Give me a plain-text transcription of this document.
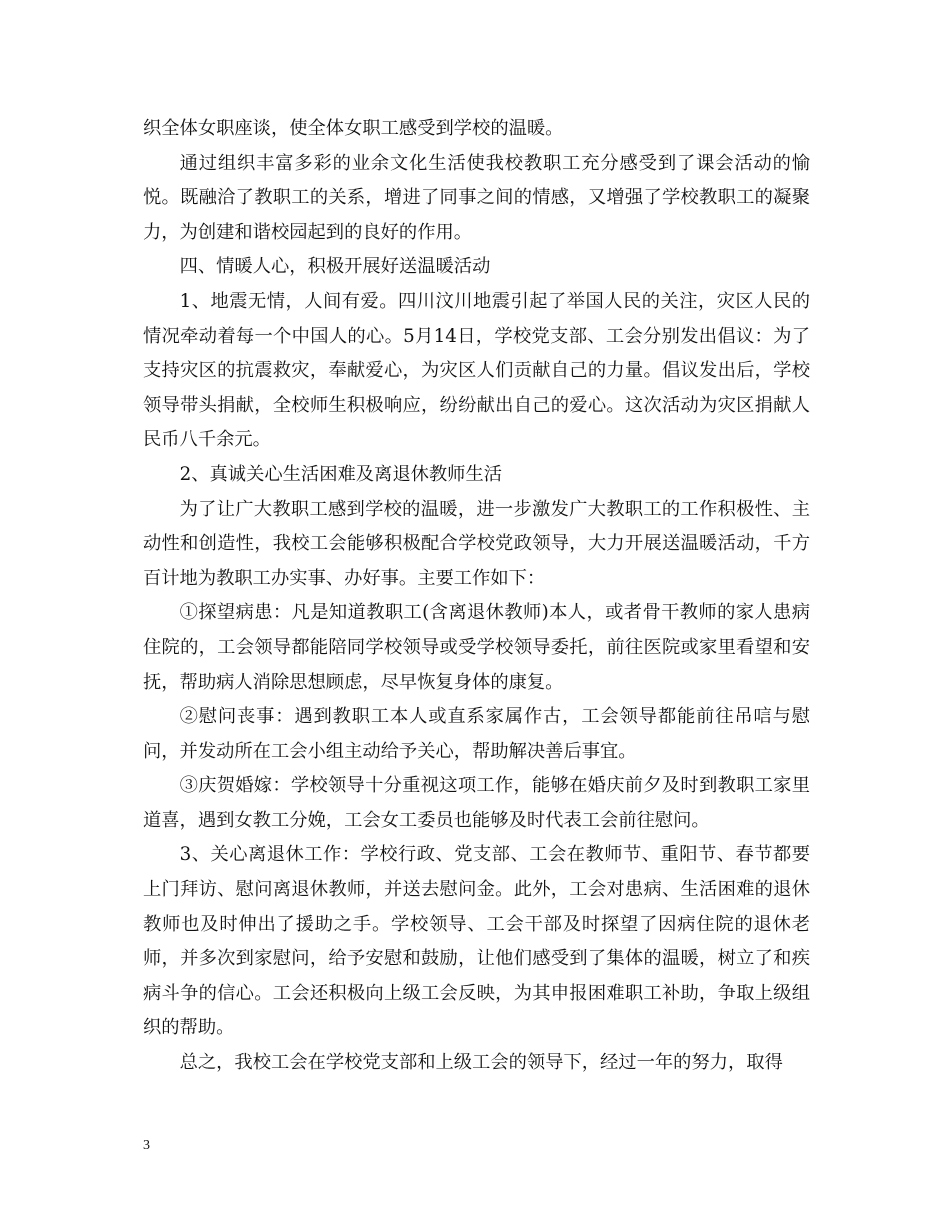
织全体女职座谈，使全体女职工感受到学校的温暖。

通过组织丰富多彩的业余文化生活使我校教职工充分感受到了课会活动的愉悦。既融洽了教职工的关系，增进了同事之间的情感，又增强了学校教职工的凝聚力，为创建和谐校园起到的良好的作用。

四、情暖人心，积极开展好送温暖活动

1、地震无情，人间有爱。四川汶川地震引起了举国人民的关注，灾区人民的情况牵动着每一个中国人的心。5月14日，学校党支部、工会分别发出倡议：为了支持灾区的抗震救灾，奉献爱心，为灾区人们贡献自己的力量。倡议发出后，学校领导带头捐献，全校师生积极响应，纷纷献出自己的爱心。这次活动为灾区捐献人民币八千余元。

2、真诚关心生活困难及离退休教师生活

为了让广大教职工感到学校的温暖，进一步激发广大教职工的工作积极性、主动性和创造性，我校工会能够积极配合学校党政领导，大力开展送温暖活动，千方百计地为教职工办实事、办好事。主要工作如下：

①探望病患：凡是知道教职工(含离退休教师)本人，或者骨干教师的家人患病住院的，工会领导都能陪同学校领导或受学校领导委托，前往医院或家里看望和安抚，帮助病人消除思想顾虑，尽早恢复身体的康复。

②慰问丧事：遇到教职工本人或直系家属作古，工会领导都能前往吊唁与慰问，并发动所在工会小组主动给予关心，帮助解决善后事宜。

③庆贺婚嫁：学校领导十分重视这项工作，能够在婚庆前夕及时到教职工家里道喜，遇到女教工分娩，工会女工委员也能够及时代表工会前往慰问。

3、关心离退休工作：学校行政、党支部、工会在教师节、重阳节、春节都要上门拜访、慰问离退休教师，并送去慰问金。此外，工会对患病、生活困难的退休教师也及时伸出了援助之手。学校领导、工会干部及时探望了因病住院的退休老师，并多次到家慰问，给予安慰和鼓励，让他们感受到了集体的温暖，树立了和疾病斗争的信心。工会还积极向上级工会反映，为其申报困难职工补助，争取上级组织的帮助。

总之，我校工会在学校党支部和上级工会的领导下，经过一年的努力，取得

3
